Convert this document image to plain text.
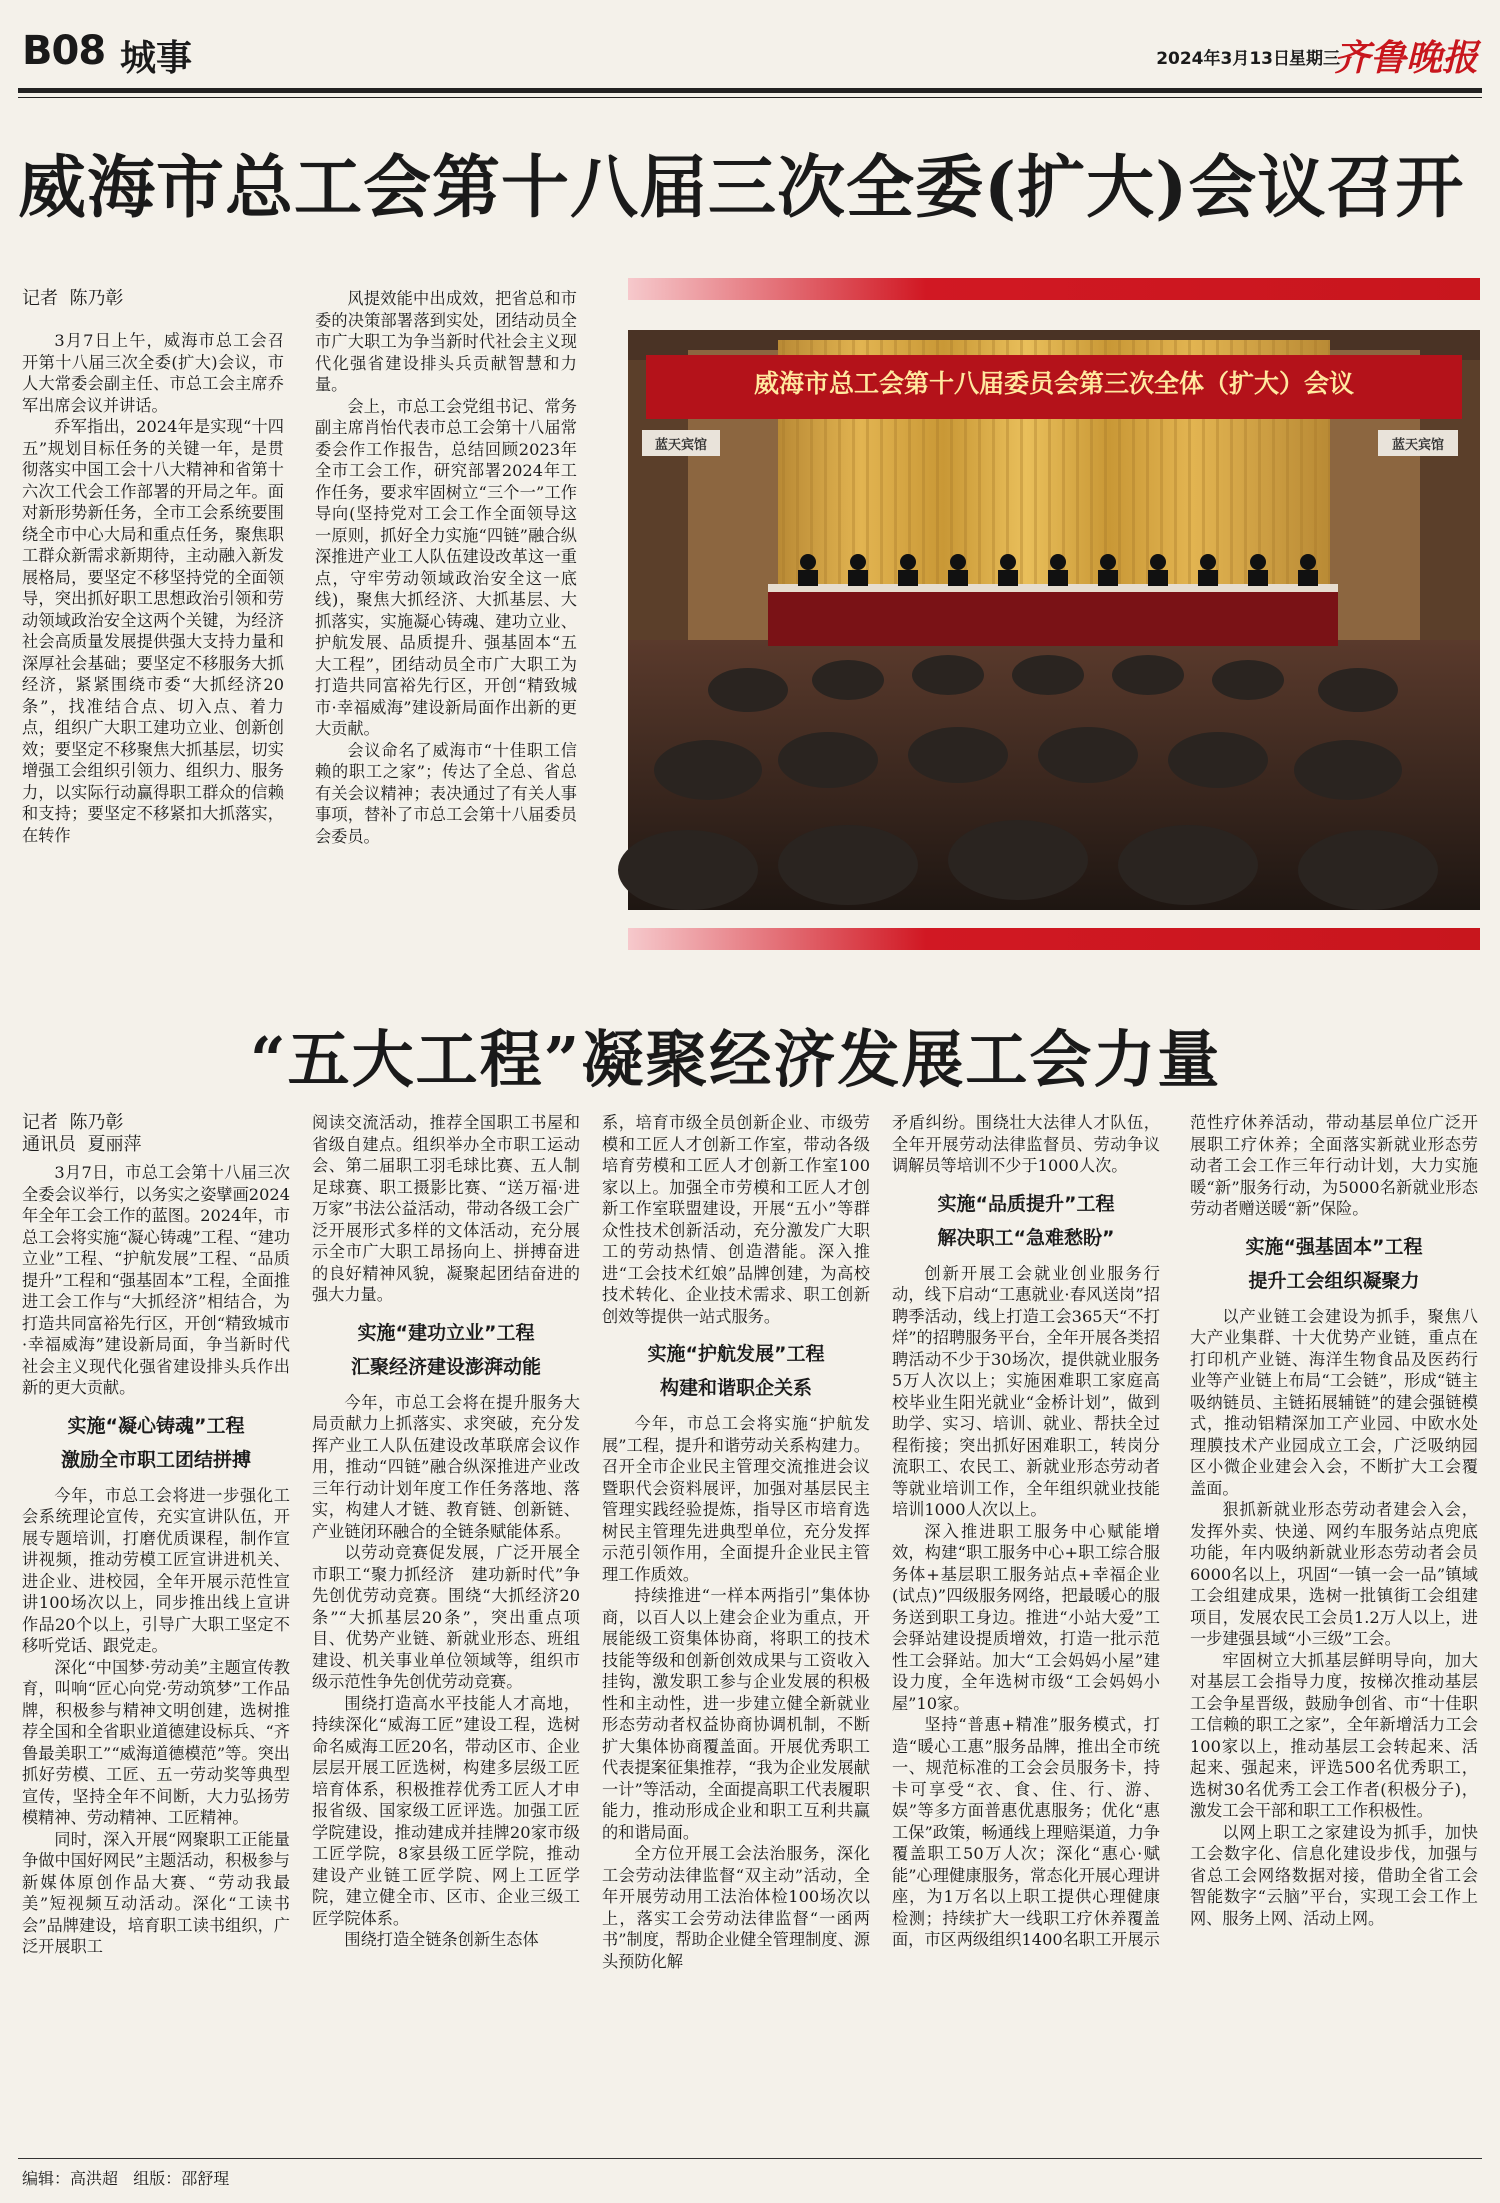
B08 城事	2024年3月13日 星期三
齐鲁晚报
威海市总工会第十八届三次全委(扩大)会议召开
记者 陈乃彰

3月7日上午，威海市总工会召开第十八届三次全委(扩大)会议，市人大常委会副主任、市总工会主席乔军出席会议并讲话。

乔军指出，2024年是实现“十四五”规划目标任务的关键一年，是贯彻落实中国工会十八大精神和省第十六次工代会工作部署的开局之年。面对新形势新任务，全市工会系统要围绕全市中心大局和重点任务，聚焦职工群众新需求新期待，主动融入新发展格局，要坚定不移坚持党的全面领导，突出抓好职工思想政治引领和劳动领域政治安全这两个关键，为经济社会高质量发展提供强大支持力量和深厚社会基础；要坚定不移服务大抓经济，紧紧围绕市委“大抓经济20条”，找准结合点、切入点、着力点，组织广大职工建功立业、创新创效；要坚定不移聚焦大抓基层，切实增强工会组织引领力、组织力、服务力，以实际行动赢得职工群众的信赖和支持；要坚定不移紧扣大抓落实，在转作

风提效能中出成效，把省总和市委的决策部署落到实处，团结动员全市广大职工为争当新时代社会主义现代化强省建设排头兵贡献智慧和力量。

会上，市总工会党组书记、常务副主席肖怡代表市总工会第十八届常委会作工作报告，总结回顾2023年全市工会工作，研究部署2024年工作任务，要求牢固树立“三个一”工作导向(坚持党对工会工作全面领导这一原则，抓好全力实施“四链”融合纵深推进产业工人队伍建设改革这一重点，守牢劳动领域政治安全这一底线)，聚焦大抓经济、大抓基层、大抓落实，实施凝心铸魂、建功立业、护航发展、品质提升、强基固本“五大工程”，团结动员全市广大职工为打造共同富裕先行区，开创“精致城市·幸福威海”建设新局面作出新的更大贡献。

会议命名了威海市“十佳职工信赖的职工之家”；传达了全总、省总有关会议精神；表决通过了有关人事事项，替补了市总工会第十八届委员会委员。

威海市总工会第十八届委员会第三次全体（扩大）会议
蓝天宾馆	蓝天宾馆
“五大工程”凝聚经济发展工会力量
记者 陈乃彰
通讯员 夏丽萍

3月7日，市总工会第十八届三次全委会议举行，以务实之姿擘画2024年全年工会工作的蓝图。2024年，市总工会将实施“凝心铸魂”工程、“建功立业”工程、“护航发展”工程、“品质提升”工程和“强基固本”工程，全面推进工会工作与“大抓经济”相结合，为打造共同富裕先行区，开创“精致城市·幸福威海”建设新局面，争当新时代社会主义现代化强省建设排头兵作出新的更大贡献。

实施“凝心铸魂”工程
激励全市职工团结拼搏

今年，市总工会将进一步强化工会系统理论宣传，充实宣讲队伍，开展专题培训，打磨优质课程，制作宣讲视频，推动劳模工匠宣讲进机关、进企业、进校园，全年开展示范性宣讲100场次以上，同步推出线上宣讲作品20个以上，引导广大职工坚定不移听党话、跟党走。

深化“中国梦·劳动美”主题宣传教育，叫响“匠心向党·劳动筑梦”工作品牌，积极参与精神文明创建，选树推荐全国和全省职业道德建设标兵、“齐鲁最美职工”“威海道德模范”等。突出抓好劳模、工匠、五一劳动奖等典型宣传，坚持全年不间断，大力弘扬劳模精神、劳动精神、工匠精神。

同时，深入开展“网聚职工正能量　争做中国好网民”主题活动，积极参与新媒体原创作品大赛、“劳动我最美”短视频互动活动。深化“工读书会”品牌建设，培育职工读书组织，广泛开展职工

阅读交流活动，推荐全国职工书屋和省级自建点。组织举办全市职工运动会、第二届职工羽毛球比赛、五人制足球赛、职工摄影比赛、“送万福·进万家”书法公益活动，带动各级工会广泛开展形式多样的文体活动，充分展示全市广大职工昂扬向上、拼搏奋进的良好精神风貌，凝聚起团结奋进的强大力量。

实施“建功立业”工程
汇聚经济建设澎湃动能

今年，市总工会将在提升服务大局贡献力上抓落实、求突破，充分发挥产业工人队伍建设改革联席会议作用，推动“四链”融合纵深推进产业改三年行动计划年度工作任务落地、落实，构建人才链、教育链、创新链、产业链闭环融合的全链条赋能体系。

以劳动竞赛促发展，广泛开展全市职工“聚力抓经济　建功新时代”争先创优劳动竞赛。围绕“大抓经济20条”“大抓基层20条”，突出重点项目、优势产业链、新就业形态、班组建设、机关事业单位领域等，组织市级示范性争先创优劳动竞赛。

围绕打造高水平技能人才高地，持续深化“威海工匠”建设工程，选树命名威海工匠20名，带动区市、企业层层开展工匠选树，构建多层级工匠培育体系，积极推荐优秀工匠人才申报省级、国家级工匠评选。加强工匠学院建设，推动建成并挂牌20家市级工匠学院，8家县级工匠学院，推动建设产业链工匠学院、网上工匠学院，建立健全市、区市、企业三级工匠学院体系。

围绕打造全链条创新生态体

系，培育市级全员创新企业、市级劳模和工匠人才创新工作室，带动各级培育劳模和工匠人才创新工作室100家以上。加强全市劳模和工匠人才创新工作室联盟建设，开展“五小”等群众性技术创新活动，充分激发广大职工的劳动热情、创造潜能。深入推进“工会技术红娘”品牌创建，为高校技术转化、企业技术需求、职工创新创效等提供一站式服务。

实施“护航发展”工程
构建和谐职企关系

今年，市总工会将实施“护航发展”工程，提升和谐劳动关系构建力。召开全市企业民主管理交流推进会议暨职代会资料展评，加强对基层民主管理实践经验提炼，指导区市培育选树民主管理先进典型单位，充分发挥示范引领作用，全面提升企业民主管理工作质效。

持续推进“一样本两指引”集体协商，以百人以上建会企业为重点，开展能级工资集体协商，将职工的技术技能等级和创新创效成果与工资收入挂钩，激发职工参与企业发展的积极性和主动性，进一步建立健全新就业形态劳动者权益协商协调机制，不断扩大集体协商覆盖面。开展优秀职工代表提案征集推荐，“我为企业发展献一计”等活动，全面提高职工代表履职能力，推动形成企业和职工互利共赢的和谐局面。

全方位开展工会法治服务，深化工会劳动法律监督“双主动”活动，全年开展劳动用工法治体检100场次以上，落实工会劳动法律监督“一函两书”制度，帮助企业健全管理制度、源头预防化解

矛盾纠纷。围绕壮大法律人才队伍，全年开展劳动法律监督员、劳动争议调解员等培训不少于1000人次。

实施“品质提升”工程
解决职工“急难愁盼”

创新开展工会就业创业服务行动，线下启动“工惠就业·春风送岗”招聘季活动，线上打造工会365天“不打烊”的招聘服务平台，全年开展各类招聘活动不少于30场次，提供就业服务5万人次以上；实施困难职工家庭高校毕业生阳光就业“金桥计划”，做到助学、实习、培训、就业、帮扶全过程衔接；突出抓好困难职工，转岗分流职工、农民工、新就业形态劳动者等就业培训工作，全年组织就业技能培训1000人次以上。

深入推进职工服务中心赋能增效，构建“职工服务中心+职工综合服务体+基层职工服务站点+幸福企业(试点)”四级服务网络，把最暖心的服务送到职工身边。推进“小站大爱”工会驿站建设提质增效，打造一批示范性工会驿站。加大“工会妈妈小屋”建设力度，全年选树市级“工会妈妈小屋”10家。

坚持“普惠+精准”服务模式，打造“暖心工惠”服务品牌，推出全市统一、规范标准的工会会员服务卡，持卡可享受“衣、食、住、行、游、娱”等多方面普惠优惠服务；优化“惠工保”政策，畅通线上理赔渠道，力争覆盖职工50万人次；深化“惠心·赋能”心理健康服务，常态化开展心理讲座，为1万名以上职工提供心理健康检测；持续扩大一线职工疗休养覆盖面，市区两级组织1400名职工开展示

范性疗休养活动，带动基层单位广泛开展职工疗休养；全面落实新就业形态劳动者工会工作三年行动计划，大力实施暖“新”服务行动，为5000名新就业形态劳动者赠送暖“新”保险。

实施“强基固本”工程
提升工会组织凝聚力

以产业链工会建设为抓手，聚焦八大产业集群、十大优势产业链，重点在打印机产业链、海洋生物食品及医药行业等产业链上布局“工会链”，形成“链主吸纳链员、主链拓展辅链”的建会强链模式，推动铝精深加工产业园、中欧水处理膜技术产业园成立工会，广泛吸纳园区小微企业建会入会，不断扩大工会覆盖面。

狠抓新就业形态劳动者建会入会，发挥外卖、快递、网约车服务站点兜底功能，年内吸纳新就业形态劳动者会员6000名以上，巩固“一镇一会一品”镇域工会组建成果，选树一批镇街工会组建项目，发展农民工会员1.2万人以上，进一步建强县域“小三级”工会。

牢固树立大抓基层鲜明导向，加大对基层工会指导力度，按梯次推动基层工会争星晋级，鼓励争创省、市“十佳职工信赖的职工之家”，全年新增活力工会100家以上，推动基层工会转起来、活起来、强起来，评选500名优秀职工，选树30名优秀工会工作者(积极分子)，激发工会干部和职工工作积极性。

以网上职工之家建设为抓手，加快工会数字化、信息化建设步伐，加强与省总工会网络数据对接，借助全省工会智能数字“云脑”平台，实现工会工作上网、服务上网、活动上网。

编辑：高洪超 组版：邵舒瑆
